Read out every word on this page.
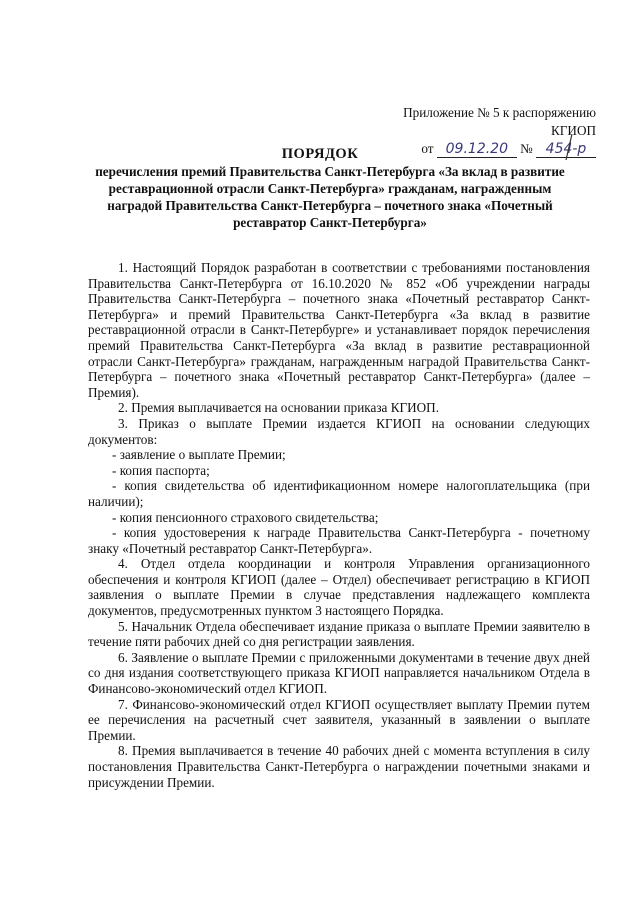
Приложение № 5 к распоряжению КГИОП
от 09.12.20 № 454-р
ПОРЯДОК
перечисления премий Правительства Санкт-Петербурга «За вклад в развитие реставрационной отрасли Санкт-Петербурга» гражданам, награжденным наградой Правительства Санкт-Петербурга – почетного знака «Почетный реставратор Санкт-Петербурга»

1. Настоящий Порядок разработан в соответствии с требованиями постановления Правительства Санкт-Петербурга от 16.10.2020 № 852 «Об учреждении награды Правительства Санкт-Петербурга – почетного знака «Почетный реставратор Санкт-Петербурга» и премий Правительства Санкт-Петербурга «За вклад в развитие реставрационной отрасли в Санкт-Петербурге» и устанавливает порядок перечисления премий Правительства Санкт-Петербурга «За вклад в развитие реставрационной отрасли Санкт-Петербурга» гражданам, награжденным наградой Правительства Санкт-Петербурга – почетного знака «Почетный реставратор Санкт-Петербурга» (далее – Премия).

2. Премия выплачивается на основании приказа КГИОП.

3. Приказ о выплате Премии издается КГИОП на основании следующих документов:

- заявление о выплате Премии;

- копия паспорта;

- копия свидетельства об идентификационном номере налогоплательщика (при наличии);

- копия пенсионного страхового свидетельства;

- копия удостоверения к награде Правительства Санкт-Петербурга - почетному знаку «Почетный реставратор Санкт-Петербурга».

4. Отдел отдела координации и контроля Управления организационного обеспечения и контроля КГИОП (далее – Отдел) обеспечивает регистрацию в КГИОП заявления о выплате Премии в случае представления надлежащего комплекта документов, предусмотренных пунктом 3 настоящего Порядка.

5. Начальник Отдела обеспечивает издание приказа о выплате Премии заявителю в течение пяти рабочих дней со дня регистрации заявления.

6. Заявление о выплате Премии с приложенными документами в течение двух дней со дня издания соответствующего приказа КГИОП направляется начальником Отдела в Финансово-экономический отдел КГИОП.

7. Финансово-экономический отдел КГИОП осуществляет выплату Премии путем ее перечисления на расчетный счет заявителя, указанный в заявлении о выплате Премии.

8. Премия выплачивается в течение 40 рабочих дней с момента вступления в силу постановления Правительства Санкт-Петербурга о награждении почетными знаками и присуждении Премии.
